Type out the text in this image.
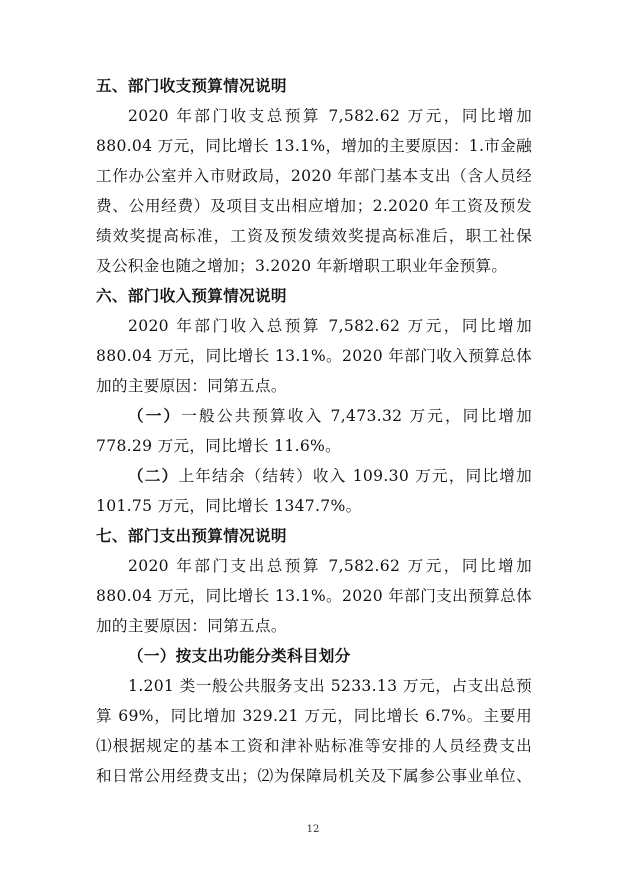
五、部门收支预算情况说明
2020 年部门收支总预算 7,582.62 万元，同比增加
880.04 万元，同比增长 13.1%，增加的主要原因：1.市金融
工作办公室并入市财政局，2020 年部门基本支出（含人员经
费、公用经费）及项目支出相应增加；2.2020 年工资及预发
绩效奖提高标准，工资及预发绩效奖提高标准后，职工社保
及公积金也随之增加；3.2020 年新增职工职业年金预算。
六、部门收入预算情况说明
2020 年部门收入总预算 7,582.62 万元，同比增加
880.04 万元，同比增长 13.1%。2020 年部门收入预算总体
加的主要原因：同第五点。
（一）一般公共预算收入 7,473.32 万元，同比增加
778.29 万元，同比增长 11.6%。
（二）上年结余（结转）收入 109.30 万元，同比增加
101.75 万元，同比增长 1347.7%。
七、部门支出预算情况说明
2020 年部门支出总预算 7,582.62 万元，同比增加
880.04 万元，同比增长 13.1%。2020 年部门支出预算总体
加的主要原因：同第五点。
（一）按支出功能分类科目划分
1.201 类一般公共服务支出 5233.13 万元，占支出总预
算 69%，同比增加 329.21 万元，同比增长 6.7%。主要用
⑴根据规定的基本工资和津补贴标准等安排的人员经费支出
和日常公用经费支出；⑵为保障局机关及下属参公事业单位、
12
